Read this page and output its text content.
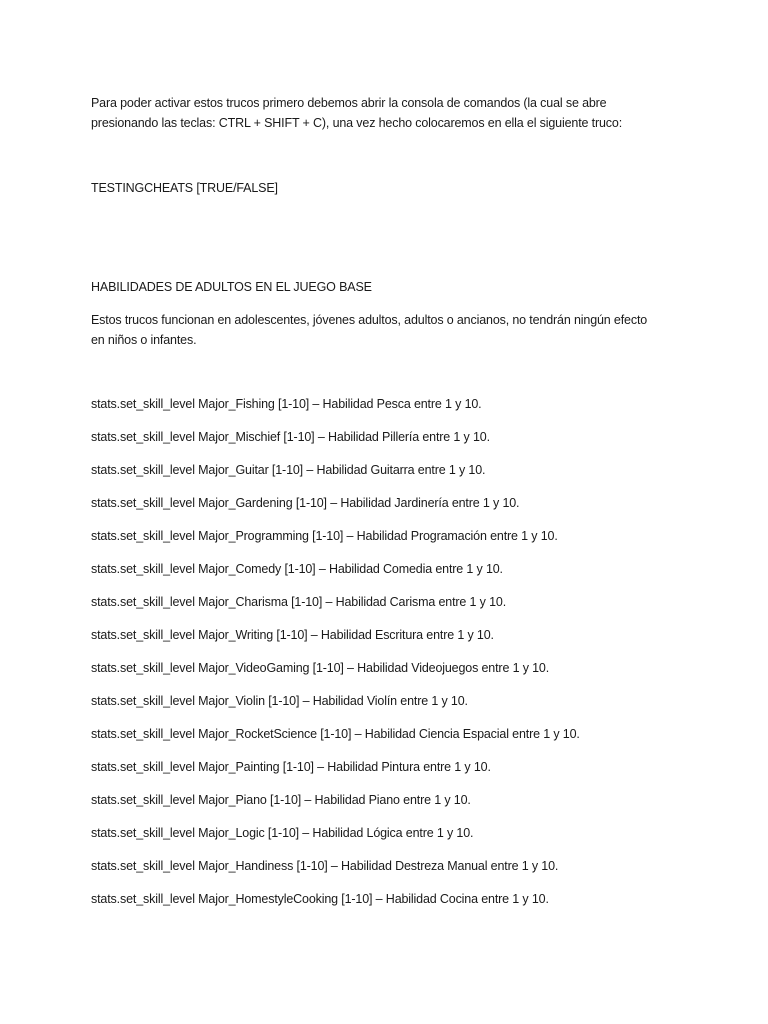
Para poder activar estos trucos primero debemos abrir la consola de comandos (la cual se abre
presionando las teclas: CTRL + SHIFT + C), una vez hecho colocaremos en ella el siguiente truco:

TESTINGCHEATS [TRUE/FALSE]

HABILIDADES DE ADULTOS EN EL JUEGO BASE

Estos trucos funcionan en adolescentes, jóvenes adultos, adultos o ancianos, no tendrán ningún efecto
en niños o infantes.

stats.set_skill_level Major_Fishing [1-10] – Habilidad Pesca entre 1 y 10.
stats.set_skill_level Major_Mischief [1-10] – Habilidad Pillería entre 1 y 10.
stats.set_skill_level Major_Guitar [1-10] – Habilidad Guitarra entre 1 y 10.
stats.set_skill_level Major_Gardening [1-10] – Habilidad Jardinería entre 1 y 10.
stats.set_skill_level Major_Programming [1-10] – Habilidad Programación entre 1 y 10.
stats.set_skill_level Major_Comedy [1-10] – Habilidad Comedia entre 1 y 10.
stats.set_skill_level Major_Charisma [1-10] – Habilidad Carisma entre 1 y 10.
stats.set_skill_level Major_Writing [1-10] – Habilidad Escritura entre 1 y 10.
stats.set_skill_level Major_VideoGaming [1-10] – Habilidad Videojuegos entre 1 y 10.
stats.set_skill_level Major_Violin [1-10] – Habilidad Violín entre 1 y 10.
stats.set_skill_level Major_RocketScience [1-10] – Habilidad Ciencia Espacial entre 1 y 10.
stats.set_skill_level Major_Painting [1-10] – Habilidad Pintura entre 1 y 10.
stats.set_skill_level Major_Piano [1-10] – Habilidad Piano entre 1 y 10.
stats.set_skill_level Major_Logic [1-10] – Habilidad Lógica entre 1 y 10.
stats.set_skill_level Major_Handiness [1-10] – Habilidad Destreza Manual entre 1 y 10.
stats.set_skill_level Major_HomestyleCooking [1-10] – Habilidad Cocina entre 1 y 10.
